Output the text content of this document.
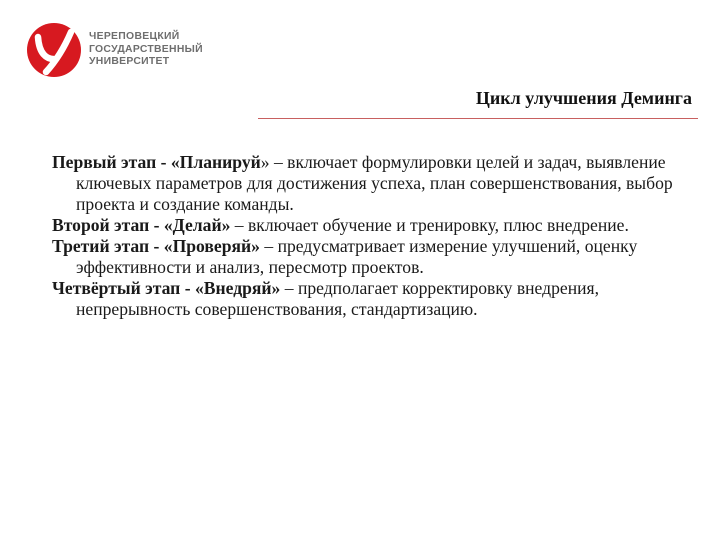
ЧЕРЕПОВЕЦКИЙ
ГОСУДАРСТВЕННЫЙ
УНИВЕРСИТЕТ
Цикл улучшения Деминга

Первый этап - «Планируй» – включает формулировки целей и задач, выявление ключевых параметров для достижения успеха, план совершенствования, выбор проекта и создание команды.

Второй этап - «Делай» – включает обучение и тренировку, плюс внедрение.

Третий этап - «Проверяй» – предусматривает измерение улучшений, оценку эффективности и анализ, пересмотр проектов.

Четвёртый этап - «Внедряй» – предполагает корректировку внедрения, непрерывность совершенствования, стандартизацию.
